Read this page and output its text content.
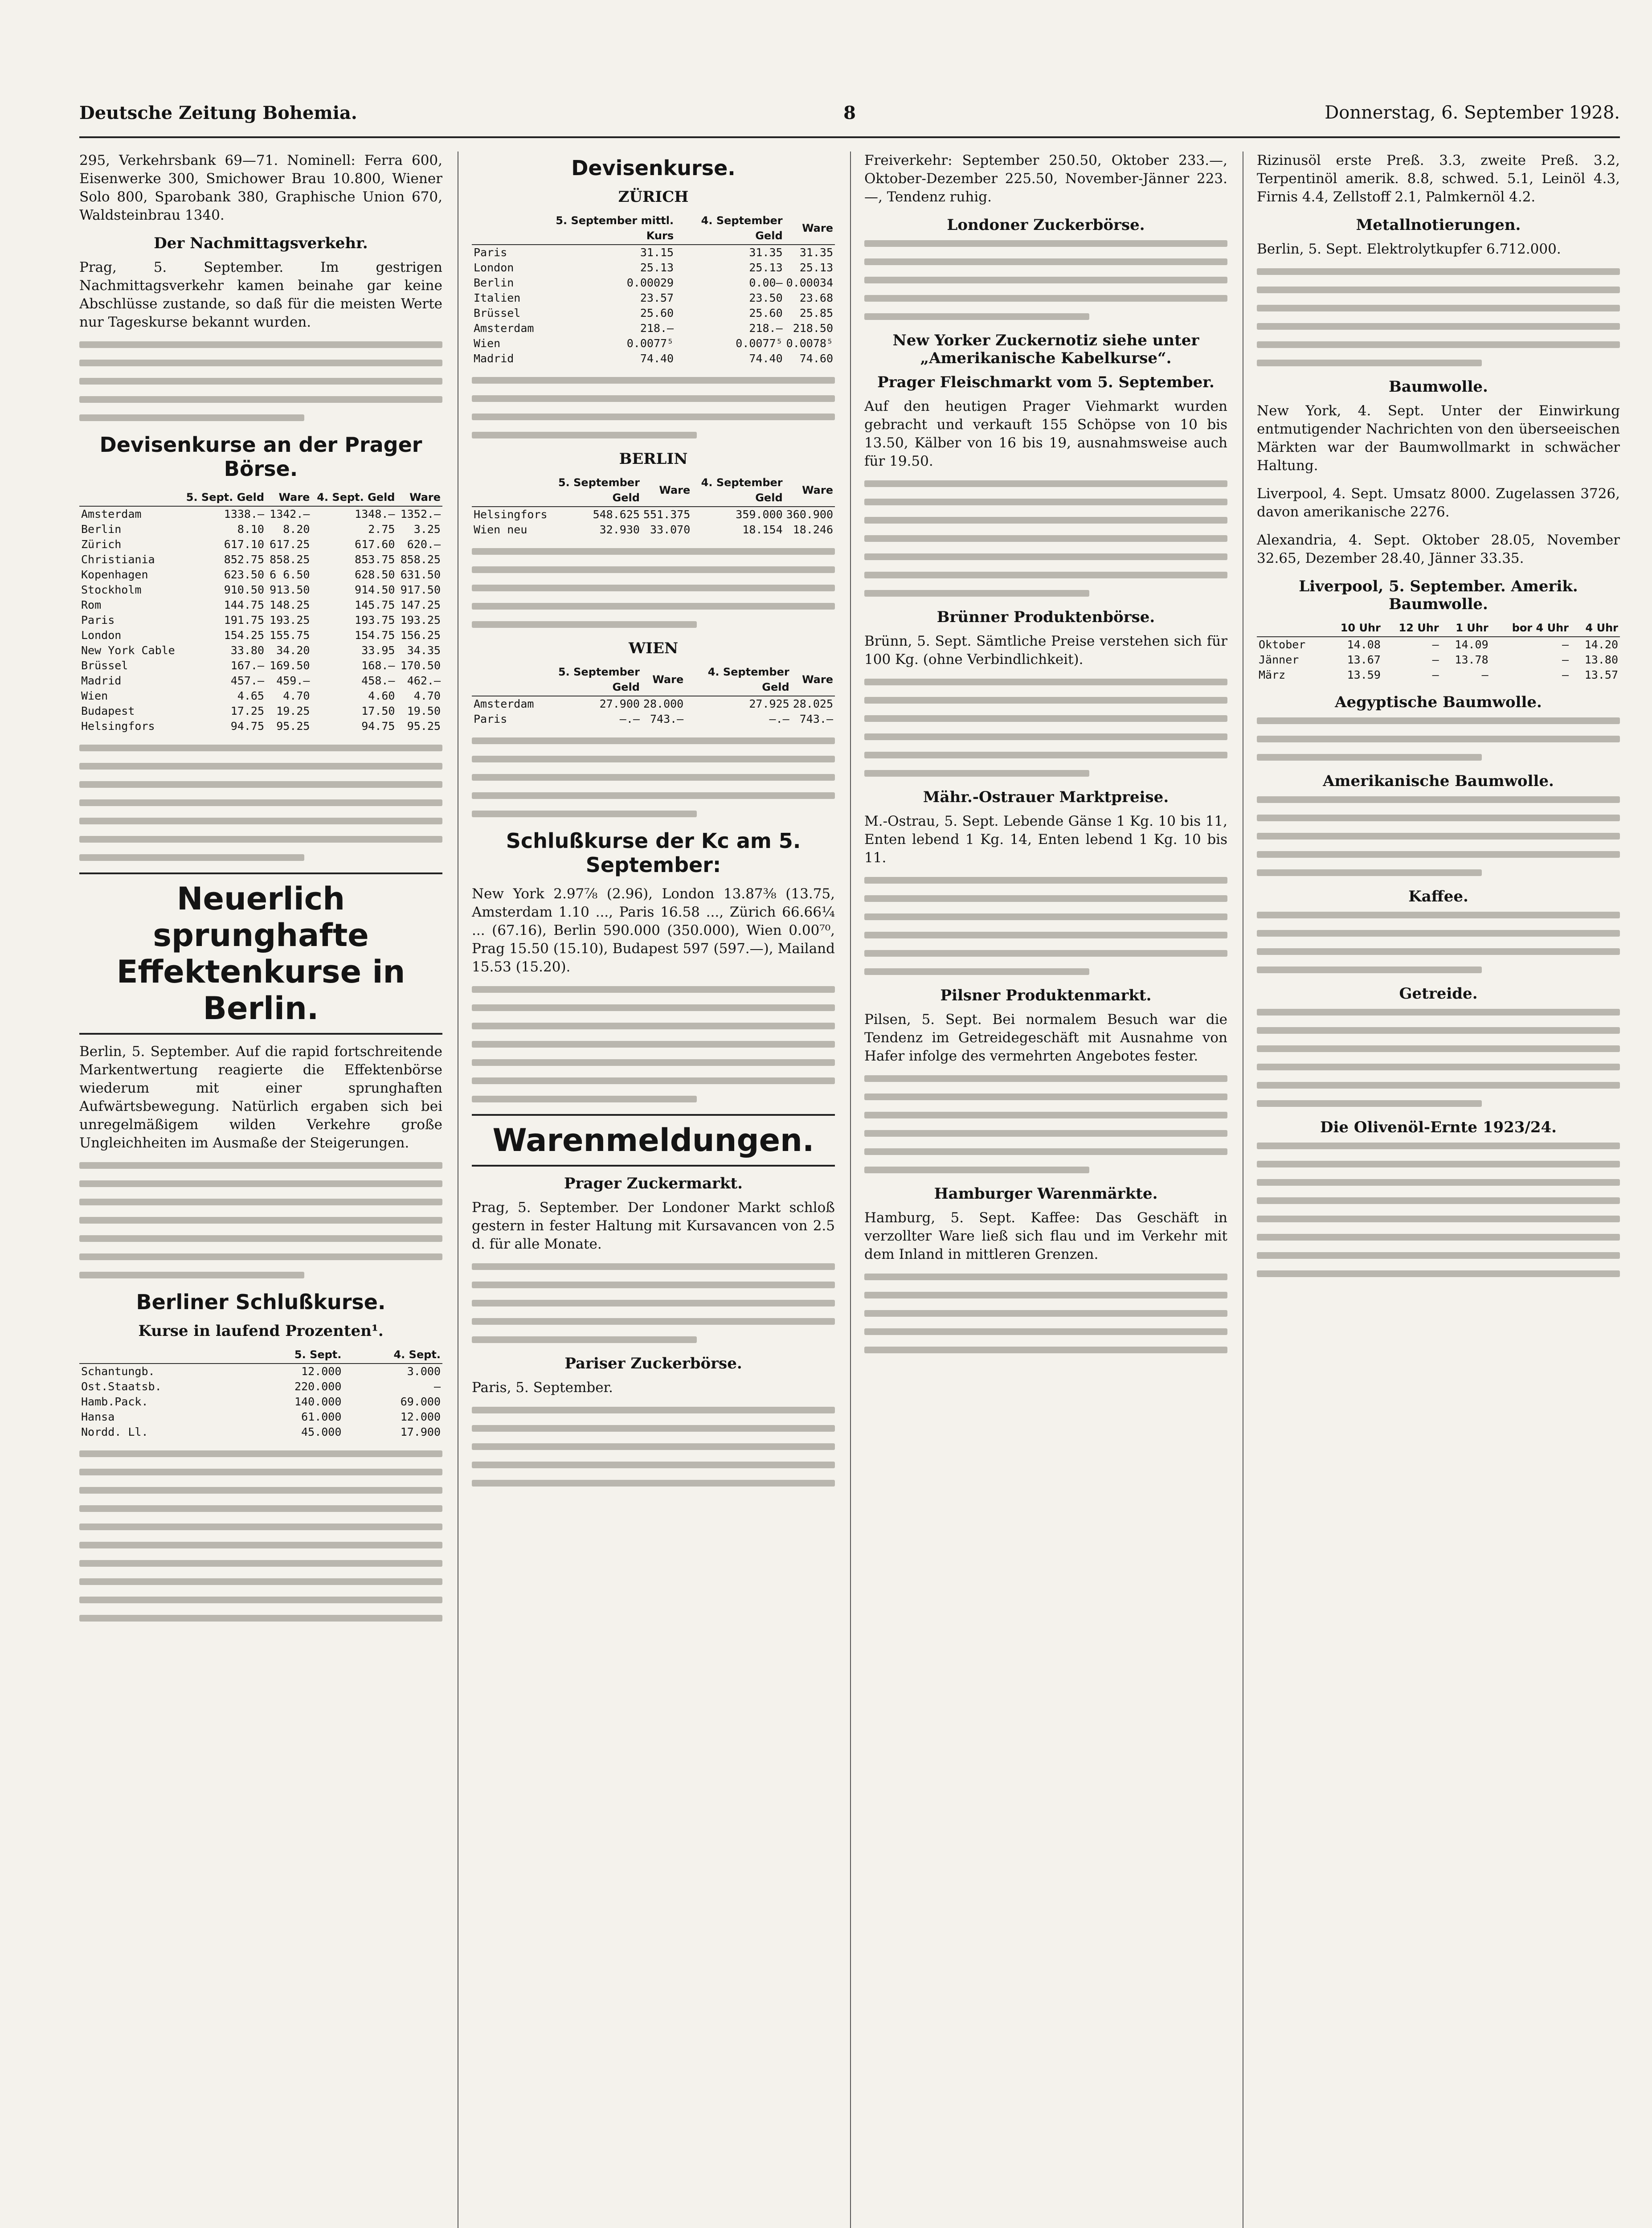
Deutsche Zeitung Bohemia.	8	Donnerstag, 6. September 1928.

295, Verkehrsbank 69—71. Nominell: Ferra 600, Eisenwerke 300, Smichower Brau 10.800, Wiener Solo 800, Sparobank 380, Graphische Union 670, Waldsteinbrau 1340.

Der Nachmittagsverkehr.

Prag, 5. September. Im gestrigen Nachmittagsverkehr kamen beinahe gar keine Abschlüsse zustande, so daß für die meisten Werte nur Tageskurse bekannt wurden.

Devisenkurse an der Prager Börse.
	5. Sept. Geld	Ware	4. Sept. Geld	Ware
Amsterdam	1338.—	1342.—	1348.—	1352.—
Berlin	8.10	8.20	2.75	3.25
Zürich	617.10	617.25	617.60	620.—
Christiania	852.75	858.25	853.75	858.25
Kopenhagen	623.50	6 6.50	628.50	631.50
Stockholm	910.50	913.50	914.50	917.50
Rom	144.75	148.25	145.75	147.25
Paris	191.75	193.25	193.75	193.25
London	154.25	155.75	154.75	156.25
New York Cable	33.80	34.20	33.95	34.35
Brüssel	167.—	169.50	168.—	170.50
Madrid	457.—	459.—	458.—	462.—
Wien	4.65	4.70	4.60	4.70
Budapest	17.25	19.25	17.50	19.50
Helsingfors	94.75	95.25	94.75	95.25
Neuerlich sprunghafte Effektenkurse in Berlin.

Berlin, 5. September. Auf die rapid fortschreitende Markentwertung reagierte die Effektenbörse wiederum mit einer sprunghaften Aufwärtsbewegung. Natürlich ergaben sich bei unregelmäßigem wilden Verkehre große Ungleichheiten im Ausmaße der Steigerungen.

Berliner Schlußkurse.
Kurse in laufend Prozenten¹.
	5. Sept.	4. Sept.
Schantungb.	12.000	3.000
Ost.Staatsb.	220.000	—
Hamb.Pack.	140.000	69.000
Hansa	61.000	12.000
Nordd. Ll.	45.000	17.900
Devisenkurse.
ZÜRICH
	5. September mittl. Kurs	4. September Geld	Ware
Paris	31.15	31.35	31.35
London	25.13	25.13	25.13
Berlin	0.00029	0.00—	0.00034
Italien	23.57	23.50	23.68
Brüssel	25.60	25.60	25.85
Amsterdam	218.—	218.—	218.50
Wien	0.0077⁵	0.0077⁵	0.0078⁵
Madrid	74.40	74.40	74.60
BERLIN
	5. September Geld	Ware	4. September Geld	Ware
Helsingfors	548.625	551.375	359.000	360.900
Wien neu	32.930	33.070	18.154	18.246
WIEN
	5. September Geld	Ware	4. September Geld	Ware
Amsterdam	27.900	28.000	27.925	28.025
Paris	—.—	743.—	—.—	743.—
Schlußkurse der Kc am 5. September:

New York 2.97⅞ (2.96), London 13.87⅜ (13.75, Amsterdam 1.10 ..., Paris 16.58 ..., Zürich 66.66¼ ... (67.16), Berlin 590.000 (350.000), Wien 0.00⁷⁰, Prag 15.50 (15.10), Budapest 597 (597.—), Mailand 15.53 (15.20).

Warenmeldungen.
Prager Zuckermarkt.

Prag, 5. September. Der Londoner Markt schloß gestern in fester Haltung mit Kursavancen von 2.5 d. für alle Monate.

Pariser Zuckerbörse.

Paris, 5. September.

Freiverkehr: September 250.50, Oktober 233.—, Oktober-Dezember 225.50, November-Jänner 223.—, Tendenz ruhig.

Londoner Zuckerbörse.
New Yorker Zuckernotiz siehe unter „Amerikanische Kabelkurse“.
Prager Fleischmarkt vom 5. September.

Auf den heutigen Prager Viehmarkt wurden gebracht und verkauft 155 Schöpse von 10 bis 13.50, Kälber von 16 bis 19, ausnahmsweise auch für 19.50.

Brünner Produktenbörse.

Brünn, 5. Sept. Sämtliche Preise verstehen sich für 100 Kg. (ohne Verbindlichkeit).

Mähr.-Ostrauer Marktpreise.

M.-Ostrau, 5. Sept. Lebende Gänse 1 Kg. 10 bis 11, Enten lebend 1 Kg. 14, Enten lebend 1 Kg. 10 bis 11.

Pilsner Produktenmarkt.

Pilsen, 5. Sept. Bei normalem Besuch war die Tendenz im Getreidegeschäft mit Ausnahme von Hafer infolge des vermehrten Angebotes fester.

Hamburger Warenmärkte.

Hamburg, 5. Sept. Kaffee: Das Geschäft in verzollter Ware ließ sich flau und im Verkehr mit dem Inland in mittleren Grenzen.

Rizinusöl erste Preß. 3.3, zweite Preß. 3.2, Terpentinöl amerik. 8.8, schwed. 5.1, Leinöl 4.3, Firnis 4.4, Zellstoff 2.1, Palmkernöl 4.2.

Metallnotierungen.

Berlin, 5. Sept. Elektrolytkupfer 6.712.000.

Baumwolle.

New York, 4. Sept. Unter der Einwirkung entmutigender Nachrichten von den überseeischen Märkten war der Baumwollmarkt in schwächer Haltung.

Liverpool, 4. Sept. Umsatz 8000. Zugelassen 3726, davon amerikanische 2276.

Alexandria, 4. Sept. Oktober 28.05, November 32.65, Dezember 28.40, Jänner 33.35.

Liverpool, 5. September. Amerik. Baumwolle.
	10 Uhr	12 Uhr	1 Uhr	bor 4 Uhr	4 Uhr
Oktober	14.08	—	14.09	—	14.20
Jänner	13.67	—	13.78	—	13.80
März	13.59	—	—	—	13.57
Aegyptische Baumwolle.
Amerikanische Baumwolle.
Kaffee.
Getreide.
Die Olivenöl-Ernte 1923/24.
